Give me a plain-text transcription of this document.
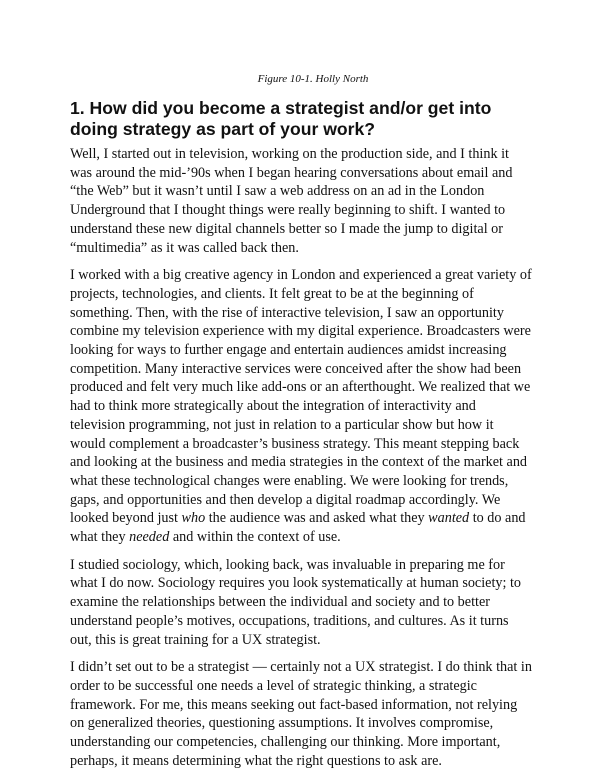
Figure 10-1. Holly North
1. How did you become a strategist and/or get into doing strategy as part of your work?

Well, I started out in television, working on the production side, and I think it was around the mid-’90s when I began hearing conversations about email and “the Web” but it wasn’t until I saw a web address on an ad in the London Underground that I thought things were really beginning to shift. I wanted to understand these new digital channels better so I made the jump to digital or “multimedia” as it was called back then.

I worked with a big creative agency in London and experienced a great variety of projects, technologies, and clients. It felt great to be at the beginning of something. Then, with the rise of interactive television, I saw an opportunity combine my television experience with my digital experience. Broadcasters were looking for ways to further engage and entertain audiences amidst increasing competition. Many interactive services were conceived after the show had been produced and felt very much like add-ons or an afterthought. We realized that we had to think more strategically about the integration of interactivity and television programming, not just in relation to a particular show but how it would complement a broadcaster’s business strategy. This meant stepping back and looking at the business and media strategies in the context of the market and what these technological changes were enabling. We were looking for trends, gaps, and opportunities and then develop a digital roadmap accordingly. We looked beyond just who the audience was and asked what they wanted to do and what they needed and within the context of use.

I studied sociology, which, looking back, was invaluable in preparing me for what I do now. Sociology requires you look systematically at human society; to examine the relationships between the individual and society and to better understand people’s motives, occupations, traditions, and cultures. As it turns out, this is great training for a UX strategist.

I didn’t set out to be a strategist — certainly not a UX strategist. I do think that in order to be successful one needs a level of strategic thinking, a strategic framework. For me, this means seeking out fact-based information, not relying on generalized theories, questioning assumptions. It involves compromise, understanding our competencies, challenging our thinking. More important, perhaps, it means determining what the right questions to ask are.
